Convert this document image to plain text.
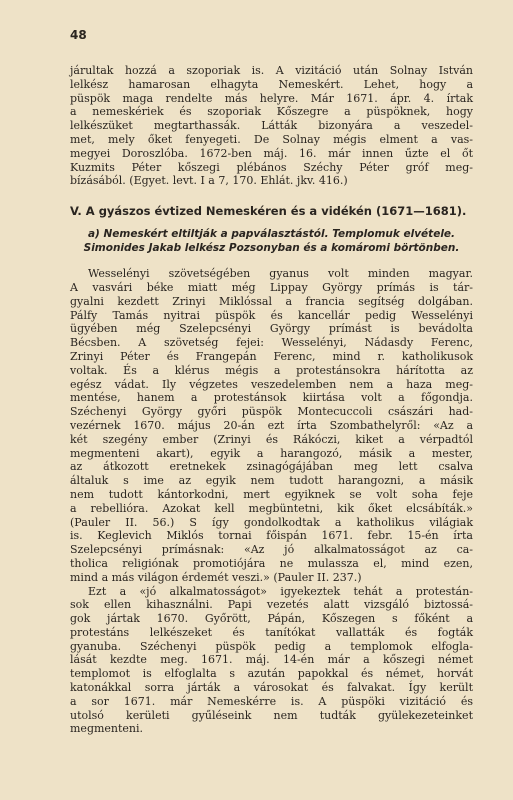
48
járultak hozzá a szoporiak is. A vizitáció után Solnay István
lelkész hamarosan elhagyta Nemeskért. Lehet, hogy a
püspök maga rendelte más helyre. Már 1671. ápr. 4. írtak
a nemeskériek és szoporiak Kőszegre a püspöknek, hogy
lelkészüket megtarthassák. Látták bizonyára a veszedel-
met, mely őket fenyegeti. De Solnay mégis elment a vas-
megyei Doroszlóba. 1672-ben máj. 16. már innen űzte el őt
Kuzmits Péter kőszegi plébános Széchy Péter gróf meg-
bízásából. (Egyet. levt. I a 7, 170. Ehlát. jkv. 416.)
V. A gyászos évtized Nemeskéren és a vidékén (1671—1681).
a) Nemeskért eltiltják a papválasztástól. Templomuk elvétele.
Simonides Jakab lelkész Pozsonyban és a komáromi börtönben.
Wesselényi szövetségében gyanus volt minden magyar.
A vasvári béke miatt még Lippay György prímás is tár-
gyalni kezdett Zrinyi Miklóssal a francia segítség dolgában.
Pálfy Tamás nyitrai püspök és kancellár pedig Wesselényi
ügyében még Szelepcsényi György prímást is bevádolta
Bécsben. A szövetség fejei: Wesselényi, Nádasdy Ferenc,
Zrinyi Péter és Frangepán Ferenc, mind r. katholikusok
voltak. És a klérus mégis a protestánsokra hárította az
egész vádat. Ily végzetes veszedelemben nem a haza meg-
mentése, hanem a protestánsok kiirtása volt a főgondja.
Széchenyi György győri püspök Montecuccoli császári had-
vezérnek 1670. május 20-án ezt írta Szombathelyről: «Az a
két szegény ember (Zrinyi és Rákóczi, kiket a vérpadtól
megmenteni akart), egyik a harangozó, másik a mester,
az átkozott eretnekek zsinagógájában meg lett csalva
általuk s ime az egyik nem tudott harangozni, a másik
nem tudott kántorkodni, mert egyiknek se volt soha feje
a rebellióra. Azokat kell megbüntetni, kik őket elcsábíták.»
(Pauler II. 56.) S így gondolkodtak a katholikus világiak
is. Keglevich Miklós tornai főispán 1671. febr. 15-én írta
Szelepcsényi prímásnak: «Az jó alkalmatosságot az ca-
tholica religiónak promotiójára ne mulassza el, mind ezen,
mind a más világon érdemét veszi.» (Pauler II. 237.)
Ezt a «jó alkalmatosságot» igyekeztek tehát a protestán-
sok ellen kihasználni. Papi vezetés alatt vizsgáló biztossá-
gok jártak 1670. Győrött, Pápán, Kőszegen s főként a
protestáns lelkészeket és tanítókat vallatták és fogták
gyanuba. Széchenyi püspök pedig a templomok elfogla-
lását kezdte meg. 1671. máj. 14-én már a kőszegi német
templomot is elfoglalta s azután papokkal és német, horvát
katonákkal sorra járták a városokat és falvakat. Így került
a sor 1671. már Nemeskérre is. A püspöki vizitáció és
utolsó kerületi gyűléseink nem tudták gyülekezeteinket
megmenteni.
